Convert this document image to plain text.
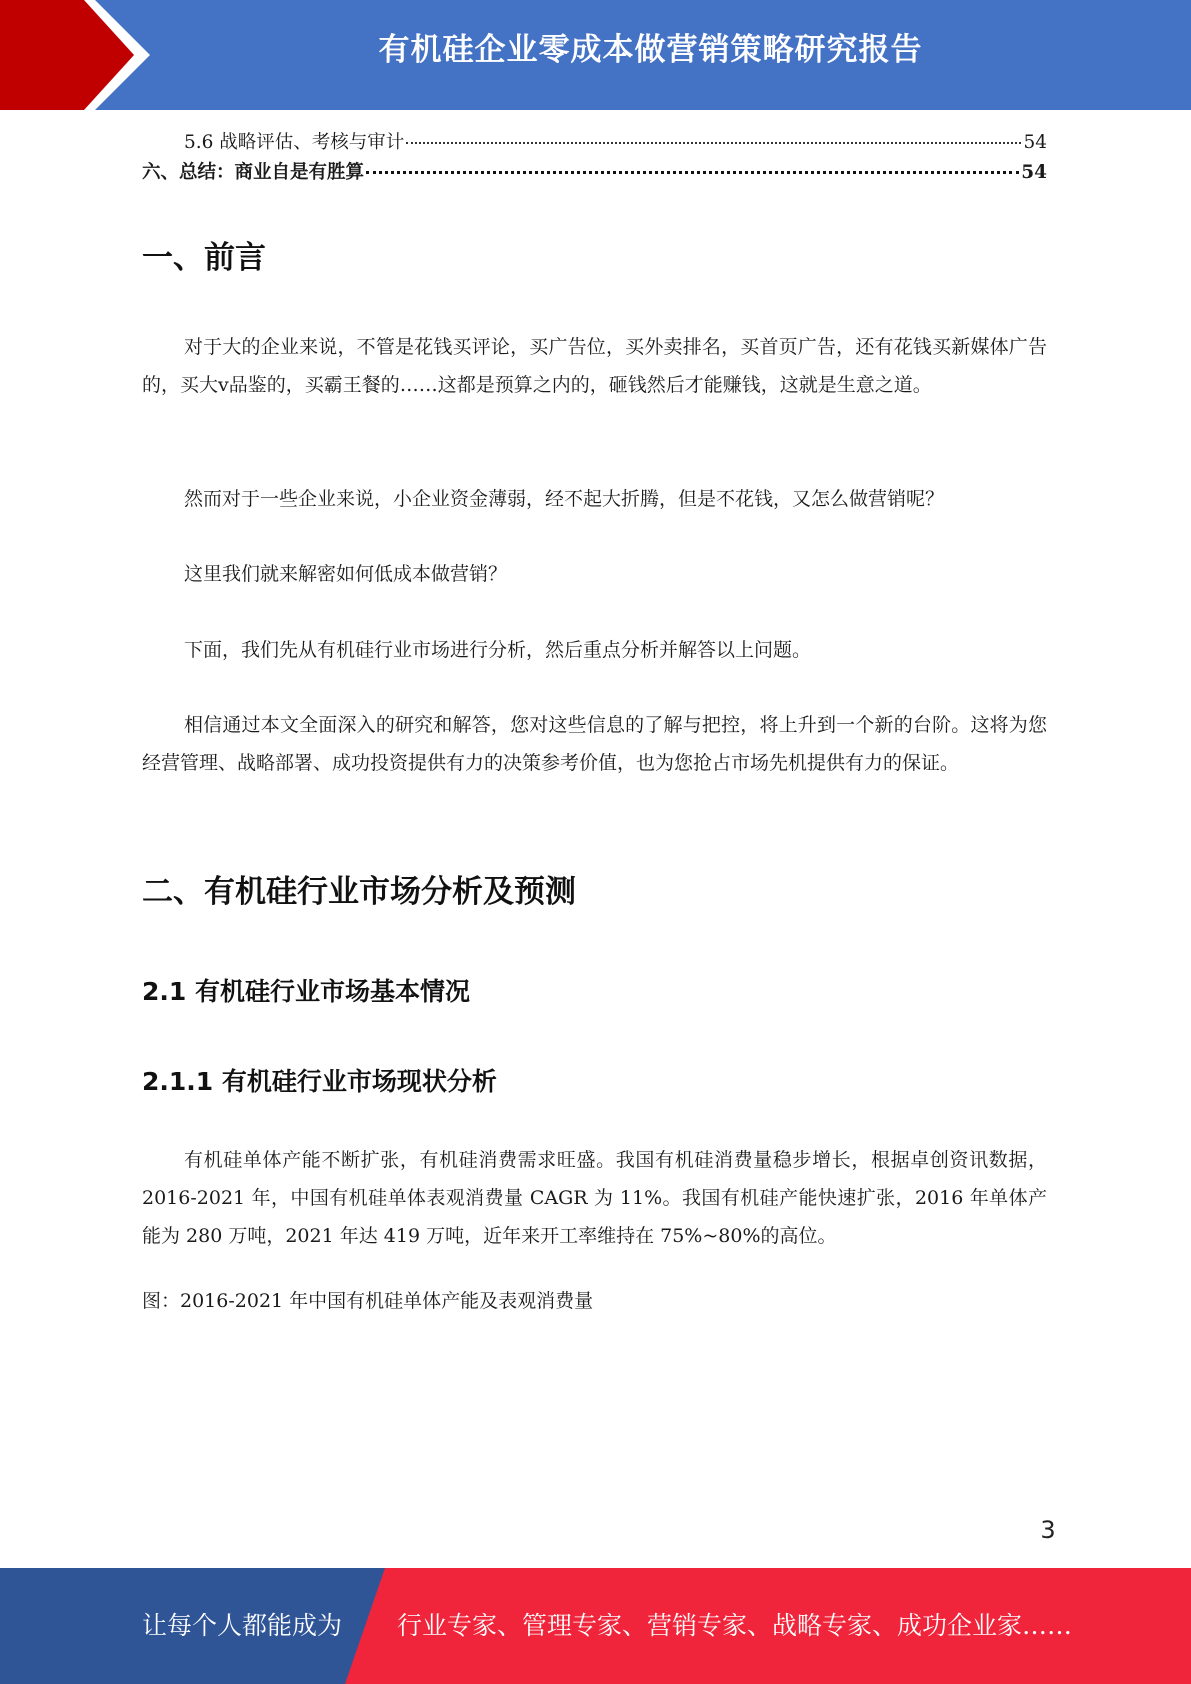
有机硅企业零成本做营销策略研究报告
5.6 战略评估、考核与审计	54
六、总结：商业自是有胜算	54
一、前言

对于大的企业来说，不管是花钱买评论，买广告位，买外卖排名，买首页广告，还有花钱买新媒体广告的，买大v品鉴的，买霸王餐的……这都是预算之内的，砸钱然后才能赚钱，这就是生意之道。

然而对于一些企业来说，小企业资金薄弱，经不起大折腾，但是不花钱，又怎么做营销呢？

这里我们就来解密如何低成本做营销？

下面，我们先从有机硅行业市场进行分析，然后重点分析并解答以上问题。

相信通过本文全面深入的研究和解答，您对这些信息的了解与把控，将上升到一个新的台阶。这将为您经营管理、战略部署、成功投资提供有力的决策参考价值，也为您抢占市场先机提供有力的保证。

二、有机硅行业市场分析及预测
2.1 有机硅行业市场基本情况
2.1.1 有机硅行业市场现状分析

有机硅单体产能不断扩张，有机硅消费需求旺盛。我国有机硅消费量稳步增长，根据卓创资讯数据，2016-2021 年，中国有机硅单体表观消费量 CAGR 为 11%。我国有机硅产能快速扩张，2016 年单体产能为 280 万吨，2021 年达 419 万吨，近年来开工率维持在 75%~80%的高位。

图：2016-2021 年中国有机硅单体产能及表观消费量
3
让每个人都能成为 行业专家、管理专家、营销专家、战略专家、成功企业家……
